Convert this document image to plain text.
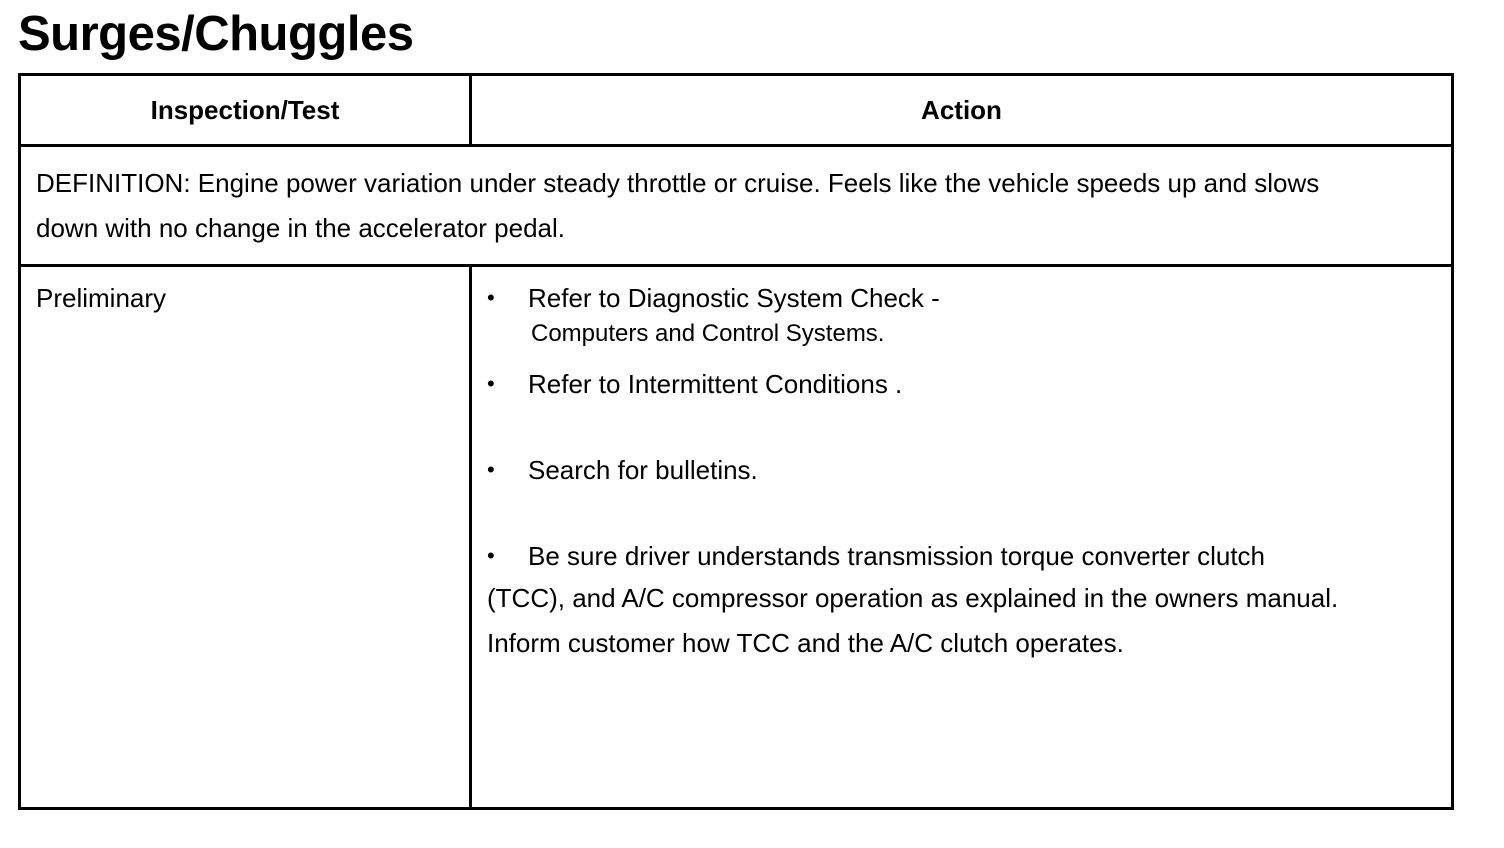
Surges/Chuggles
Inspection/Test	Action
DEFINITION: Engine power variation under steady throttle or cruise. Feels like the vehicle speeds up and slows down with no change in the accelerator pedal.
Preliminary	•	Refer to Diagnostic System Check -
Computers and Control Systems.
•	Refer to Intermittent Conditions .
•	Search for bulletins.
•	Be sure driver understands transmission torque converter clutch
(TCC), and A/C compressor operation as explained in the owners manual. Inform customer how TCC and the A/C clutch operates.
